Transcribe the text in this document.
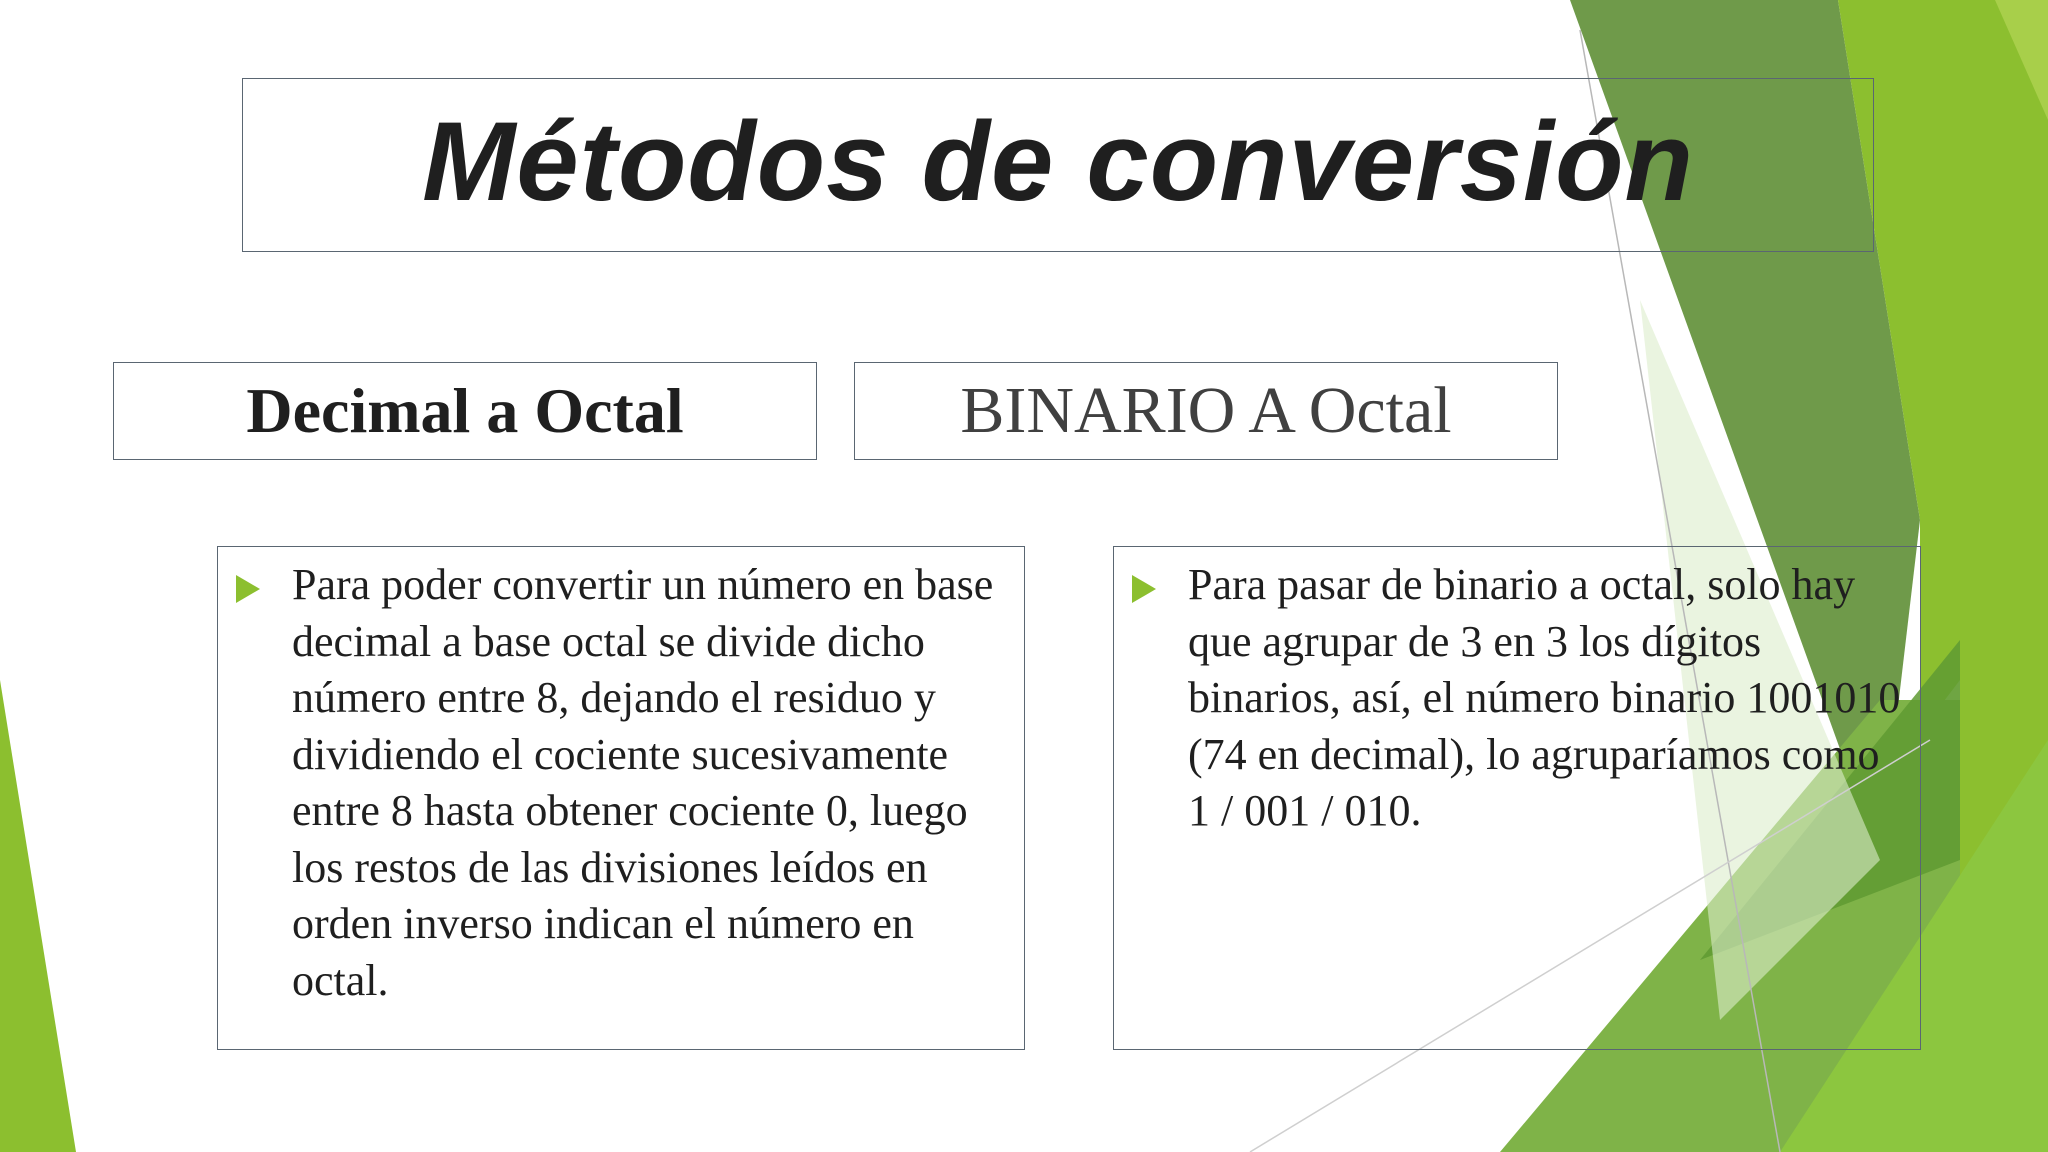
Métodos de conversión
Decimal a Octal	BINARIO A Octal
Para poder convertir un número en base decimal a base octal se divide dicho número entre 8, dejando el residuo y dividiendo el cociente sucesivamente entre 8 hasta obtener cociente 0, luego los restos de las divisiones leídos en orden inverso indican el número en octal.
Para pasar de binario a octal, solo hay que agrupar de 3 en 3 los dígitos binarios, así, el número binario 1001010 (74 en decimal), lo agruparíamos como 1 / 001 / 010.
